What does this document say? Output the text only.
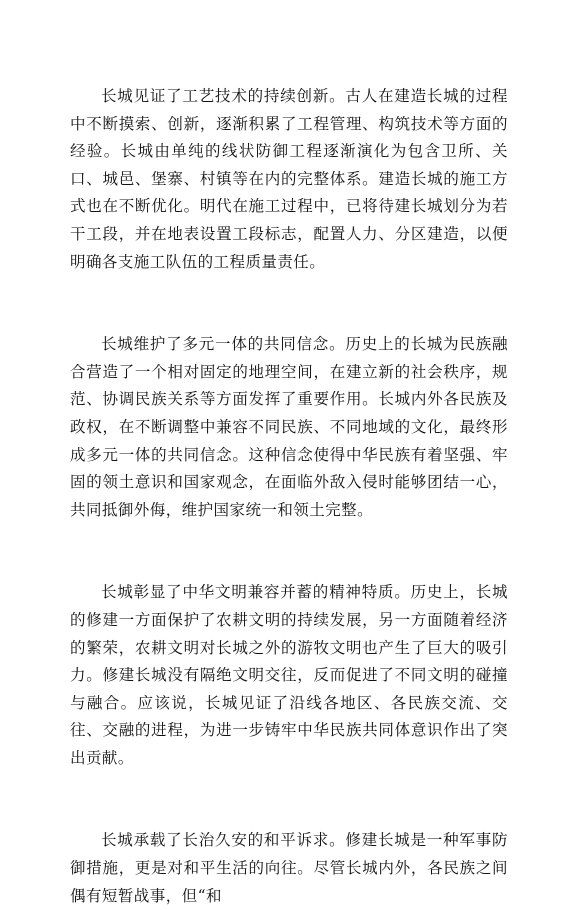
长城见证了工艺技术的持续创新。古人在建造长城的过程中不断摸索、创新，逐渐积累了工程管理、构筑技术等方面的经验。长城由单纯的线状防御工程逐渐演化为包含卫所、关口、城邑、堡寨、村镇等在内的完整体系。建造长城的施工方式也在不断优化。明代在施工过程中，已将待建长城划分为若干工段，并在地表设置工段标志，配置人力、分区建造，以便明确各支施工队伍的工程质量责任。

长城维护了多元一体的共同信念。历史上的长城为民族融合营造了一个相对固定的地理空间，在建立新的社会秩序，规范、协调民族关系等方面发挥了重要作用。长城内外各民族及政权，在不断调整中兼容不同民族、不同地域的文化，最终形成多元一体的共同信念。这种信念使得中华民族有着坚强、牢固的领土意识和国家观念，在面临外敌入侵时能够团结一心，共同抵御外侮，维护国家统一和领土完整。

长城彰显了中华文明兼容并蓄的精神特质。历史上，长城的修建一方面保护了农耕文明的持续发展，另一方面随着经济的繁荣，农耕文明对长城之外的游牧文明也产生了巨大的吸引力。修建长城没有隔绝文明交往，反而促进了不同文明的碰撞与融合。应该说，长城见证了沿线各地区、各民族交流、交往、交融的进程，为进一步铸牢中华民族共同体意识作出了突出贡献。

长城承载了长治久安的和平诉求。修建长城是一种军事防御措施，更是对和平生活的向往。尽管长城内外，各民族之间偶有短暂战事，但“和
